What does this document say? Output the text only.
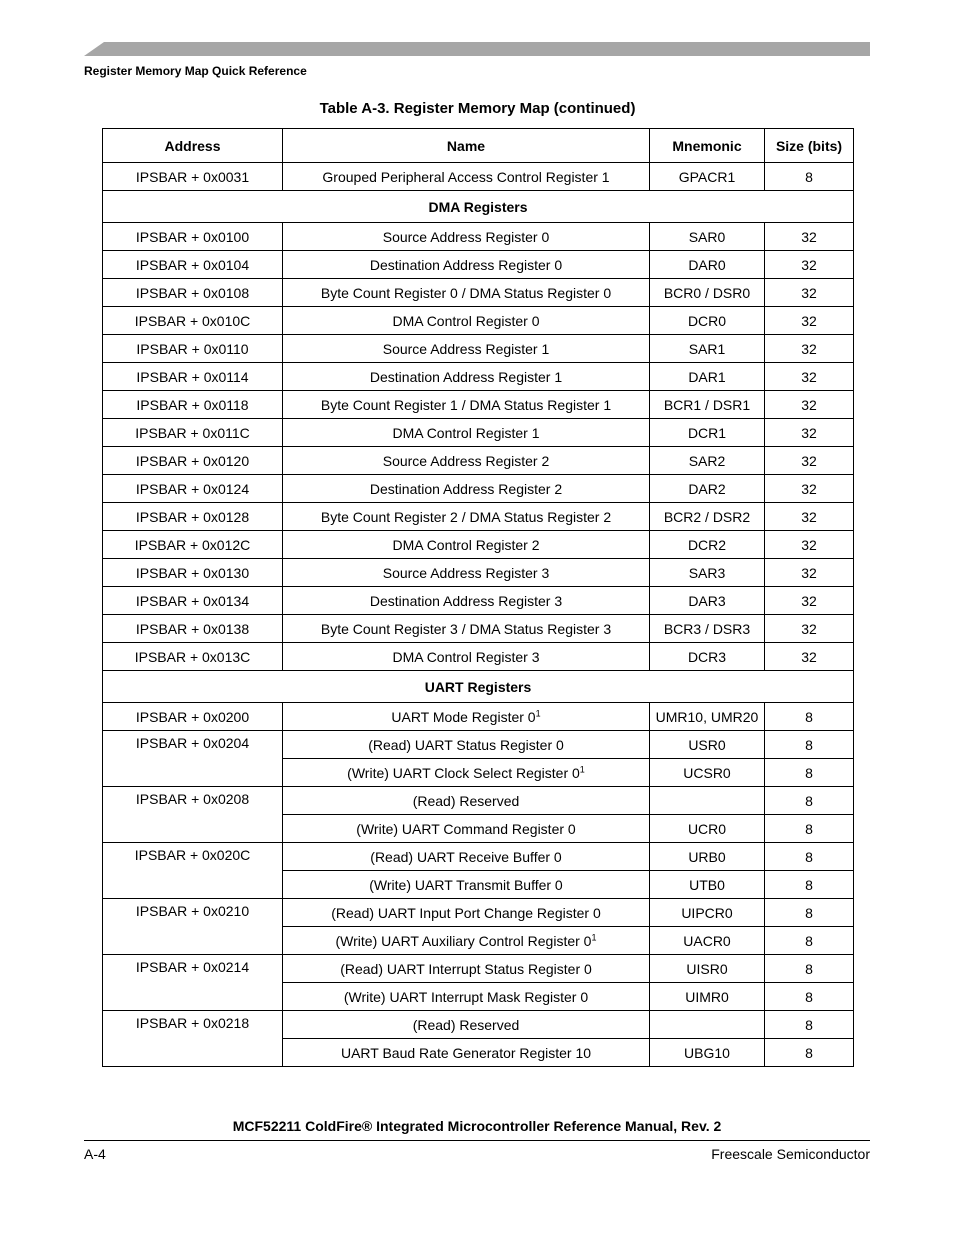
Register Memory Map Quick Reference
Table A-3. Register Memory Map (continued)
Address	Name	Mnemonic	Size (bits)
IPSBAR + 0x0031	Grouped Peripheral Access Control Register 1	GPACR1	8
DMA Registers			
IPSBAR + 0x0100	Source Address Register 0	SAR0	32
IPSBAR + 0x0104	Destination Address Register 0	DAR0	32
IPSBAR + 0x0108	Byte Count Register 0 / DMA Status Register 0	BCR0 / DSR0	32
IPSBAR + 0x010C	DMA Control Register 0	DCR0	32
IPSBAR + 0x0110	Source Address Register 1	SAR1	32
IPSBAR + 0x0114	Destination Address Register 1	DAR1	32
IPSBAR + 0x0118	Byte Count Register 1 / DMA Status Register 1	BCR1 / DSR1	32
IPSBAR + 0x011C	DMA Control Register 1	DCR1	32
IPSBAR + 0x0120	Source Address Register 2	SAR2	32
IPSBAR + 0x0124	Destination Address Register 2	DAR2	32
IPSBAR + 0x0128	Byte Count Register 2 / DMA Status Register 2	BCR2 / DSR2	32
IPSBAR + 0x012C	DMA Control Register 2	DCR2	32
IPSBAR + 0x0130	Source Address Register 3	SAR3	32
IPSBAR + 0x0134	Destination Address Register 3	DAR3	32
IPSBAR + 0x0138	Byte Count Register 3 / DMA Status Register 3	BCR3 / DSR3	32
IPSBAR + 0x013C	DMA Control Register 3	DCR3	32
UART Registers			
IPSBAR + 0x0200	UART Mode Register $0^1$	UMR10, UMR20	8
IPSBAR + 0x0204	(Read) UART Status Register 0	USR0	8
	(Write) UART Clock Select Register $0^1$	UCSR0	8
IPSBAR + 0x0208	(Read) Reserved		8
	(Write) UART Command Register 0	UCR0	8
IPSBAR + 0x020C	(Read) UART Receive Buffer 0	URB0	8
	(Write) UART Transmit Buffer 0	UTB0	8
IPSBAR + 0x0210	(Read) UART Input Port Change Register 0	UIPCR0	8
	(Write) UART Auxiliary Control Register $0^1$	UACR0	8
IPSBAR + 0x0214	(Read) UART Interrupt Status Register 0	UISR0	8
	(Write) UART Interrupt Mask Register 0	UIMR0	8
IPSBAR + 0x0218	(Read) Reserved		8
	UART Baud Rate Generator Register 10	UBG10	8
MCF52211 ColdFire® Integrated Microcontroller Reference Manual, Rev. 2
A-4	Freescale Semiconductor
